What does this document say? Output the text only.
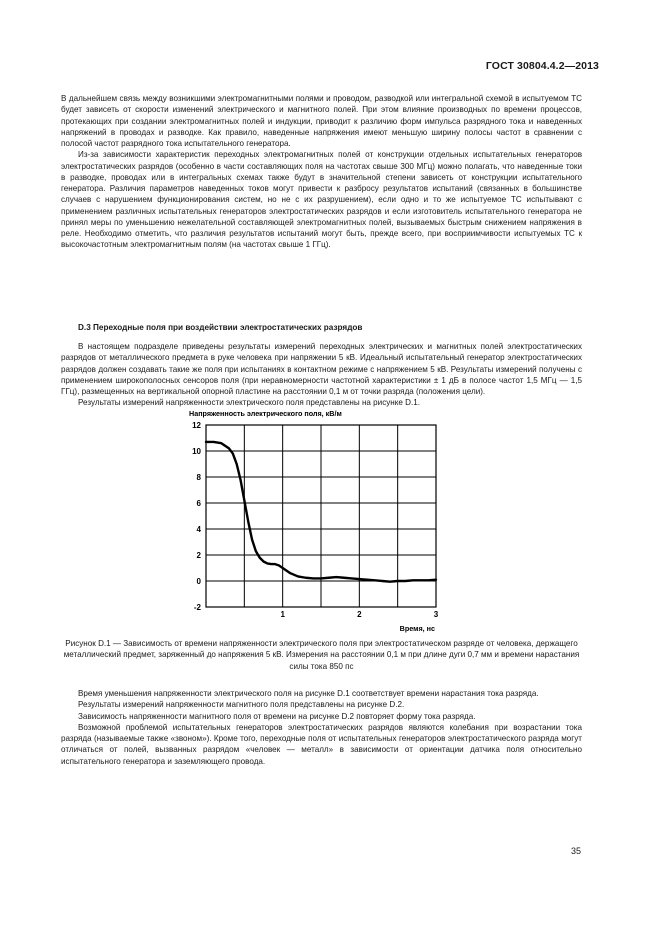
ГОСТ 30804.4.2—2013

В дальнейшем связь между возникшими электромагнитными полями и проводом, разводкой или интегральной схемой в испытуемом ТС будет зависеть от скорости изменений электрического и магнитного полей. При этом влияние производных по времени процессов, протекающих при создании электромагнитных полей и индукции, приводит к различию форм импульса разрядного тока и наведенных напряжений в проводах и разводке. Как правило, наведенные напряжения имеют меньшую ширину полосы частот в сравнении с полосой частот разрядного тока испытательного генератора.

Из-за зависимости характеристик переходных электромагнитных полей от конструкции отдельных испытательных генераторов электростатических разрядов (особенно в части составляющих поля на частотах свыше 300 МГц) можно полагать, что наведенные токи в разводке, проводах или в интегральных схемах также будут в значительной степени зависеть от конструкции испытательного генератора. Различия параметров наведенных токов могут привести к разбросу результатов испытаний (связанных в большинстве случаев с нарушением функционирования систем, но не с их разрушением), если одно и то же испытуемое ТС испытывают с применением различных испытательных генераторов электростатических разрядов и если изготовитель испытательного генератора не принял меры по уменьшению нежелательной составляющей электромагнитных полей, вызываемых быстрым снижением напряжения в реле. Необходимо отметить, что различия результатов испытаний могут быть, прежде всего, при восприимчивости испытуемых ТС к высокочастотным электромагнитным полям (на частотах свыше 1 ГГц).

D.3 Переходные поля при воздействии электростатических разрядов

В настоящем подразделе приведены результаты измерений переходных электрических и магнитных полей электростатических разрядов от металлического предмета в руке человека при напряжении 5 кВ. Идеальный испытательный генератор электростатических разрядов должен создавать такие же поля при испытаниях в контактном режиме с напряжением 5 кВ. Результаты измерений получены с применением широкополосных сенсоров поля (при неравномерности частотной характеристики ± 1 дБ в полосе частот 1,5 МГц — 1,5 ГГц), размещенных на вертикальной опорной пластине на расстоянии 0,1 м от точки разряда (положения цели).

Результаты измерений напряженности электрического поля представлены на рисунке D.1.

Напряженность электрического поля, кВ/м
Время, нс
12
10
8
6
4
2
0
-2
1	2	3
Рисунок D.1 — Зависимость от времени напряженности электрического поля при электростатическом разряде от человека, держащего металлический предмет, заряженный до напряжения 5 кВ. Измерения на расстоянии 0,1 м при длине дуги 0,7 мм и времени нарастания силы тока 850 пс

Время уменьшения напряженности электрического поля на рисунке D.1 соответствует времени нарастания тока разряда.

Результаты измерений напряженности магнитного поля представлены на рисунке D.2.

Зависимость напряженности магнитного поля от времени на рисунке D.2 повторяет форму тока разряда.

Возможной проблемой испытательных генераторов электростатических разрядов являются колебания при возрастании тока разряда (называемые также «звоном»). Кроме того, переходные поля от испытательных генераторов электростатического разряда могут отличаться от полей, вызванных разрядом «человек — металл» в зависимости от ориентации датчика поля относительно испытательного генератора и заземляющего провода.

35
